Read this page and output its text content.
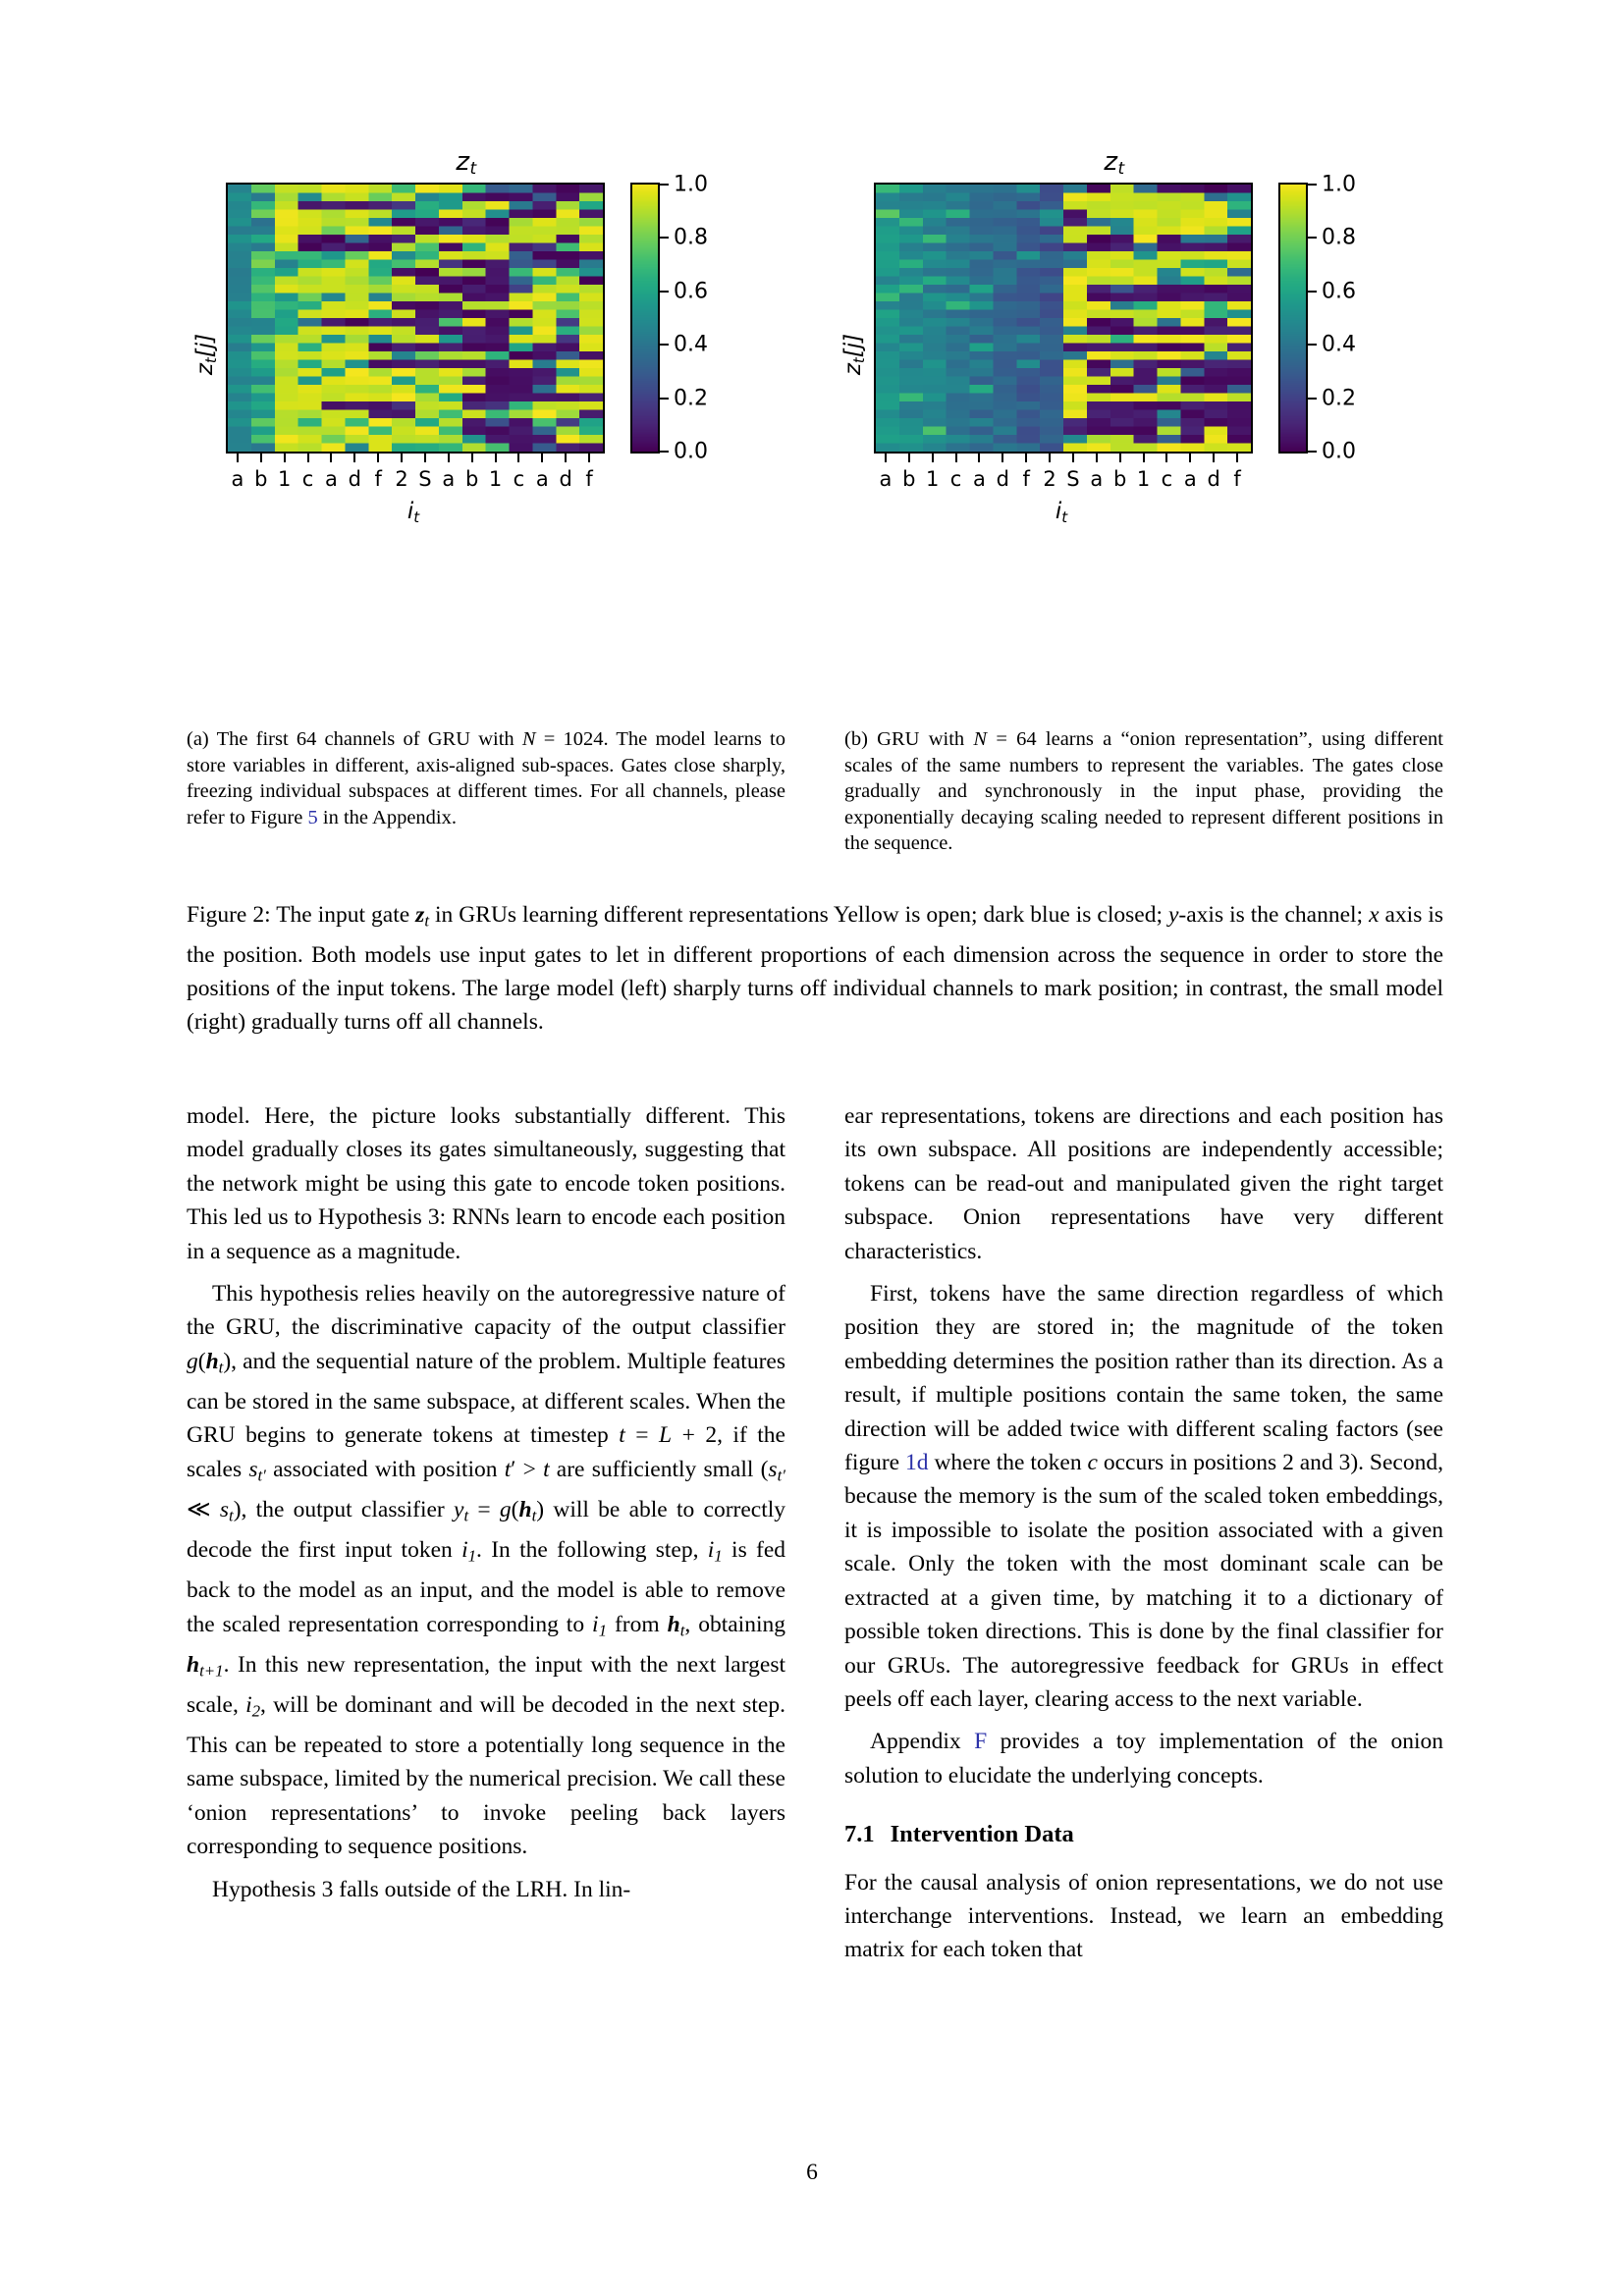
$z_t$
$z_t[j]$
a b 1 c a d f 2 S a b 1 c a d f
$i_t$
1.0
0.8
0.6
0.4
0.2
0.0
$z_t$
$z_t[j]$
a b 1 c a d f 2 S a b 1 c a d f
$i_t$
1.0
0.8
0.6
0.4
0.2
0.0
(a) The first 64 channels of GRU with N = 1024. The model learns to store variables in different, axis-aligned sub-spaces. Gates close sharply, freezing individual subspaces at different times. For all channels, please refer to Figure 5 in the Appendix.
(b) GRU with N = 64 learns a “onion representation”, using different scales of the same numbers to represent the variables. The gates close gradually and synchronously in the input phase, providing the exponentially decaying scaling needed to represent different positions in the sequence.
Figure 2: The input gate $z_t$ in GRUs learning different representations Yellow is open; dark blue is closed; y-axis is the channel; x axis is the position. Both models use input gates to let in different proportions of each dimension across the sequence in order to store the positions of the input tokens. The large model (left) sharply turns off individual channels to mark position; in contrast, the small model (right) gradually turns off all channels.

model. Here, the picture looks substantially different. This model gradually closes its gates simultaneously, suggesting that the network might be using this gate to encode token positions. This led us to Hypothesis 3: RNNs learn to encode each position in a sequence as a magnitude.

This hypothesis relies heavily on the autoregressive nature of the GRU, the discriminative capacity of the output classifier $g(h_t)$, and the sequential nature of the problem. Multiple features can be stored in the same subspace, at different scales. When the GRU begins to generate tokens at timestep t = L + 2, if the scales $s_{t'}$ associated with position t′ > t are sufficiently small ($s_{t'}$ ≪ $s_t$), the output classifier $y_t = g(h_t)$ will be able to correctly decode the first input token $i_1$. In the following step, $i_1$ is fed back to the model as an input, and the model is able to remove the scaled representation corresponding to $i_1$ from $h_t$, obtaining $h_{t+1}$. In this new representation, the input with the next largest scale, $i_2$, will be dominant and will be decoded in the next step. This can be repeated to store a potentially long sequence in the same subspace, limited by the numerical precision. We call these ‘onion representations’ to invoke peeling back layers corresponding to sequence positions.

Hypothesis 3 falls outside of the LRH. In lin-

ear representations, tokens are directions and each position has its own subspace. All positions are independently accessible; tokens can be read-out and manipulated given the right target subspace. Onion representations have very different characteristics.

First, tokens have the same direction regardless of which position they are stored in; the magnitude of the token embedding determines the position rather than its direction. As a result, if multiple positions contain the same token, the same direction will be added twice with different scaling factors (see figure 1d where the token c occurs in positions 2 and 3). Second, because the memory is the sum of the scaled token embeddings, it is impossible to isolate the position associated with a given scale. Only the token with the most dominant scale can be extracted at a given time, by matching it to a dictionary of possible token directions. This is done by the final classifier for our GRUs. The autoregressive feedback for GRUs in effect peels off each layer, clearing access to the next variable.

Appendix F provides a toy implementation of the onion solution to elucidate the underlying concepts.

7.1 Intervention Data

For the causal analysis of onion representations, we do not use interchange interventions. Instead, we learn an embedding matrix for each token that

6
